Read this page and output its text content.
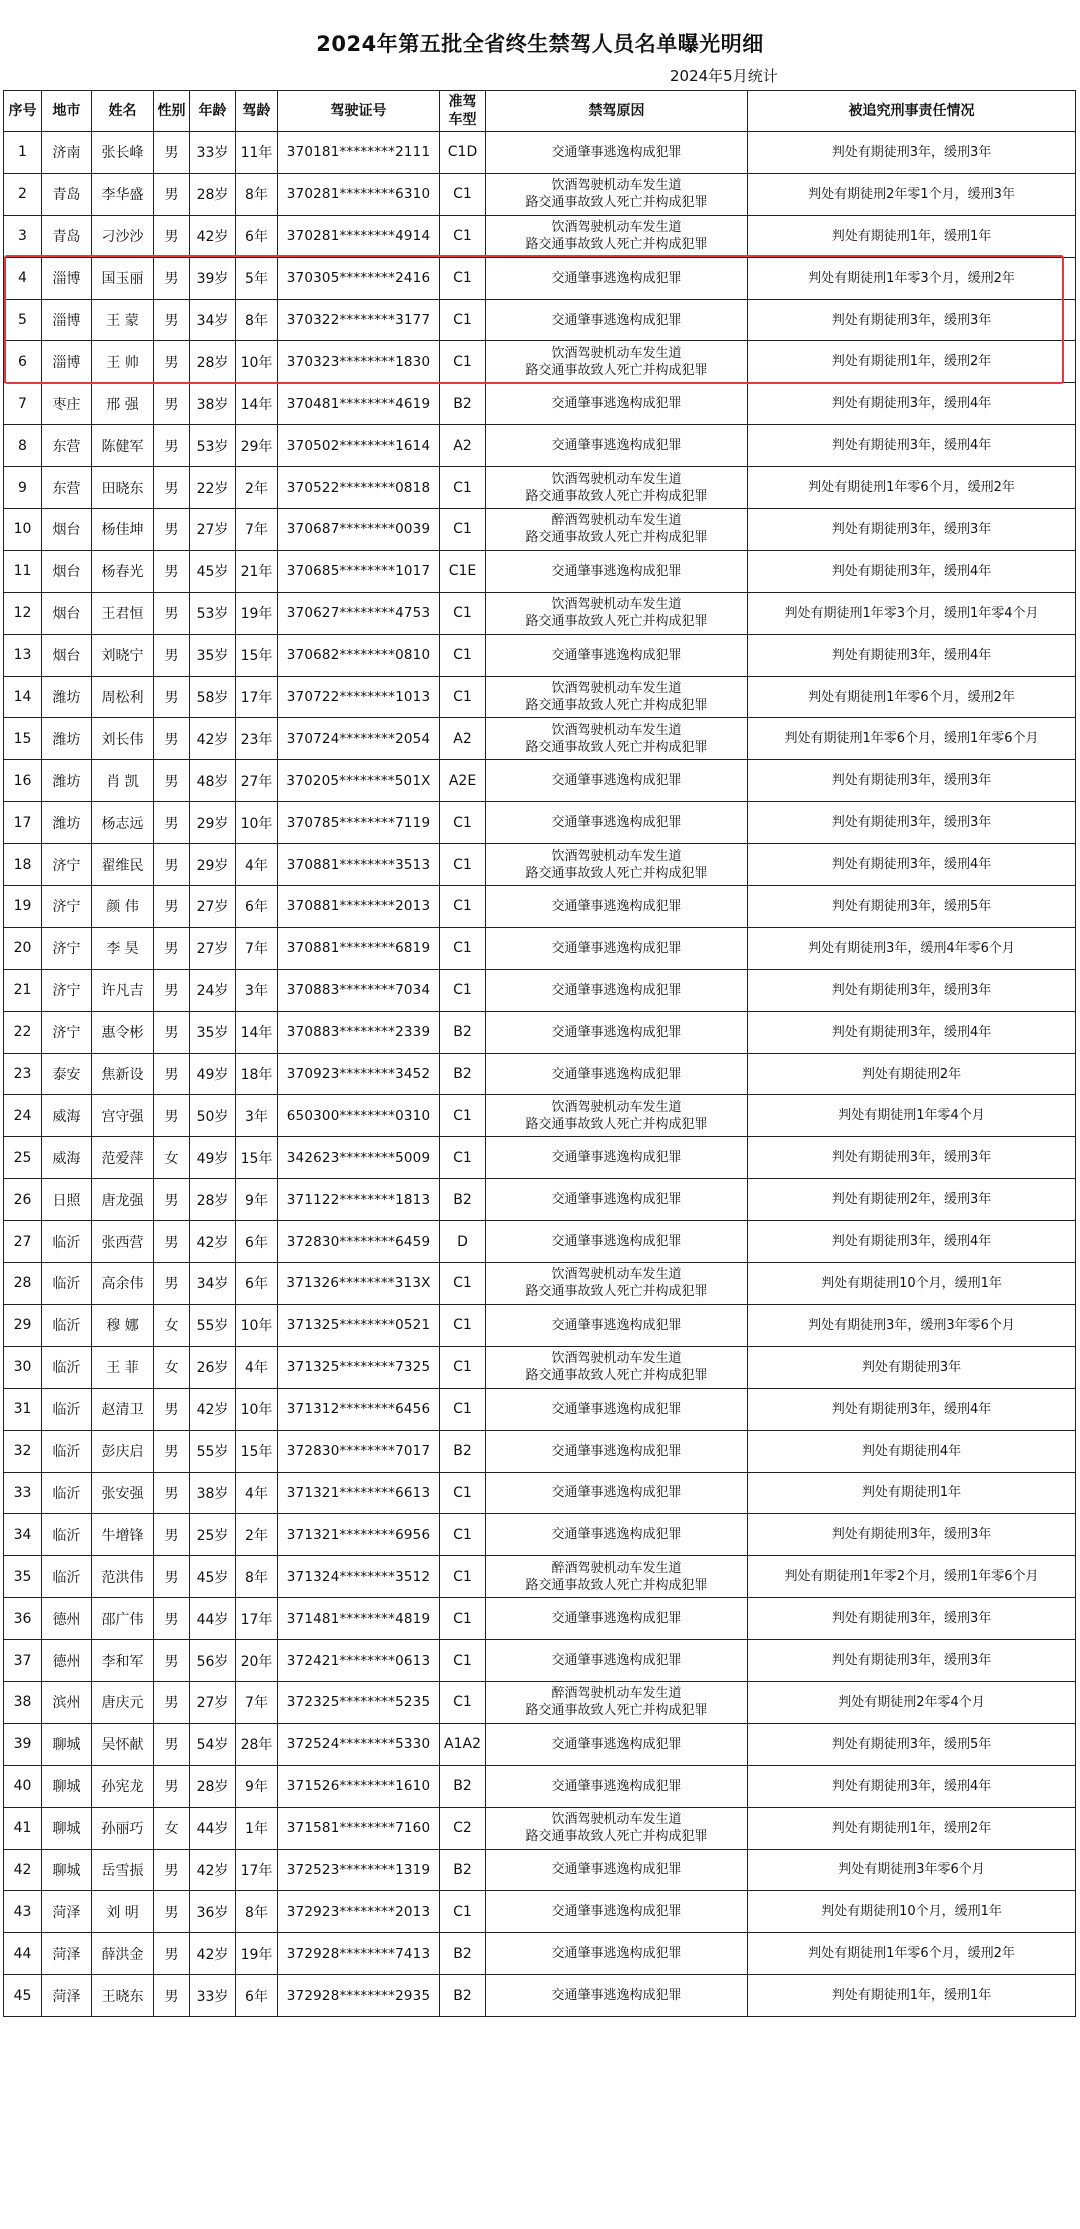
2024年第五批全省终生禁驾人员名单曝光明细
2024年5月统计
序号	地市	姓名	性别	年龄	驾龄	驾驶证号	准驾
车型	禁驾原因	被追究刑事责任情况
1	济南	张长峰	男	33岁	11年	370181********2111	C1D	交通肇事逃逸构成犯罪	判处有期徒刑3年，缓刑3年
2	青岛	李华盛	男	28岁	8年	370281********6310	C1	饮酒驾驶机动车发生道
路交通事故致人死亡并构成犯罪	判处有期徒刑2年零1个月，缓刑3年
3	青岛	刁沙沙	男	42岁	6年	370281********4914	C1	饮酒驾驶机动车发生道
路交通事故致人死亡并构成犯罪	判处有期徒刑1年，缓刑1年
4	淄博	国玉丽	男	39岁	5年	370305********2416	C1	交通肇事逃逸构成犯罪	判处有期徒刑1年零3个月，缓刑2年
5	淄博	王 蒙	男	34岁	8年	370322********3177	C1	交通肇事逃逸构成犯罪	判处有期徒刑3年，缓刑3年
6	淄博	王 帅	男	28岁	10年	370323********1830	C1	饮酒驾驶机动车发生道
路交通事故致人死亡并构成犯罪	判处有期徒刑1年，缓刑2年
7	枣庄	邢 强	男	38岁	14年	370481********4619	B2	交通肇事逃逸构成犯罪	判处有期徒刑3年，缓刑4年
8	东营	陈健军	男	53岁	29年	370502********1614	A2	交通肇事逃逸构成犯罪	判处有期徒刑3年，缓刑4年
9	东营	田晓东	男	22岁	2年	370522********0818	C1	饮酒驾驶机动车发生道
路交通事故致人死亡并构成犯罪	判处有期徒刑1年零6个月，缓刑2年
10	烟台	杨佳坤	男	27岁	7年	370687********0039	C1	醉酒驾驶机动车发生道
路交通事故致人死亡并构成犯罪	判处有期徒刑3年，缓刑3年
11	烟台	杨春光	男	45岁	21年	370685********1017	C1E	交通肇事逃逸构成犯罪	判处有期徒刑3年，缓刑4年
12	烟台	王君恒	男	53岁	19年	370627********4753	C1	饮酒驾驶机动车发生道
路交通事故致人死亡并构成犯罪	判处有期徒刑1年零3个月，缓刑1年零4个月
13	烟台	刘晓宁	男	35岁	15年	370682********0810	C1	交通肇事逃逸构成犯罪	判处有期徒刑3年，缓刑4年
14	潍坊	周松利	男	58岁	17年	370722********1013	C1	饮酒驾驶机动车发生道
路交通事故致人死亡并构成犯罪	判处有期徒刑1年零6个月，缓刑2年
15	潍坊	刘长伟	男	42岁	23年	370724********2054	A2	饮酒驾驶机动车发生道
路交通事故致人死亡并构成犯罪	判处有期徒刑1年零6个月，缓刑1年零6个月
16	潍坊	肖 凯	男	48岁	27年	370205********501X	A2E	交通肇事逃逸构成犯罪	判处有期徒刑3年，缓刑3年
17	潍坊	杨志远	男	29岁	10年	370785********7119	C1	交通肇事逃逸构成犯罪	判处有期徒刑3年，缓刑3年
18	济宁	翟维民	男	29岁	4年	370881********3513	C1	饮酒驾驶机动车发生道
路交通事故致人死亡并构成犯罪	判处有期徒刑3年，缓刑4年
19	济宁	颜 伟	男	27岁	6年	370881********2013	C1	交通肇事逃逸构成犯罪	判处有期徒刑3年，缓刑5年
20	济宁	李 昊	男	27岁	7年	370881********6819	C1	交通肇事逃逸构成犯罪	判处有期徒刑3年，缓刑4年零6个月
21	济宁	许凡吉	男	24岁	3年	370883********7034	C1	交通肇事逃逸构成犯罪	判处有期徒刑3年，缓刑3年
22	济宁	惠令彬	男	35岁	14年	370883********2339	B2	交通肇事逃逸构成犯罪	判处有期徒刑3年，缓刑4年
23	泰安	焦新设	男	49岁	18年	370923********3452	B2	交通肇事逃逸构成犯罪	判处有期徒刑2年
24	威海	宫守强	男	50岁	3年	650300********0310	C1	饮酒驾驶机动车发生道
路交通事故致人死亡并构成犯罪	判处有期徒刑1年零4个月
25	威海	范爱萍	女	49岁	15年	342623********5009	C1	交通肇事逃逸构成犯罪	判处有期徒刑3年，缓刑3年
26	日照	唐龙强	男	28岁	9年	371122********1813	B2	交通肇事逃逸构成犯罪	判处有期徒刑2年，缓刑3年
27	临沂	张西营	男	42岁	6年	372830********6459	D	交通肇事逃逸构成犯罪	判处有期徒刑3年，缓刑4年
28	临沂	高余伟	男	34岁	6年	371326********313X	C1	饮酒驾驶机动车发生道
路交通事故致人死亡并构成犯罪	判处有期徒刑10个月，缓刑1年
29	临沂	穆 娜	女	55岁	10年	371325********0521	C1	交通肇事逃逸构成犯罪	判处有期徒刑3年，缓刑3年零6个月
30	临沂	王 菲	女	26岁	4年	371325********7325	C1	饮酒驾驶机动车发生道
路交通事故致人死亡并构成犯罪	判处有期徒刑3年
31	临沂	赵清卫	男	42岁	10年	371312********6456	C1	交通肇事逃逸构成犯罪	判处有期徒刑3年，缓刑4年
32	临沂	彭庆启	男	55岁	15年	372830********7017	B2	交通肇事逃逸构成犯罪	判处有期徒刑4年
33	临沂	张安强	男	38岁	4年	371321********6613	C1	交通肇事逃逸构成犯罪	判处有期徒刑1年
34	临沂	牛增锋	男	25岁	2年	371321********6956	C1	交通肇事逃逸构成犯罪	判处有期徒刑3年，缓刑3年
35	临沂	范洪伟	男	45岁	8年	371324********3512	C1	醉酒驾驶机动车发生道
路交通事故致人死亡并构成犯罪	判处有期徒刑1年零2个月，缓刑1年零6个月
36	德州	邵广伟	男	44岁	17年	371481********4819	C1	交通肇事逃逸构成犯罪	判处有期徒刑3年，缓刑3年
37	德州	李和军	男	56岁	20年	372421********0613	C1	交通肇事逃逸构成犯罪	判处有期徒刑3年，缓刑3年
38	滨州	唐庆元	男	27岁	7年	372325********5235	C1	醉酒驾驶机动车发生道
路交通事故致人死亡并构成犯罪	判处有期徒刑2年零4个月
39	聊城	吴怀献	男	54岁	28年	372524********5330	A1A2	交通肇事逃逸构成犯罪	判处有期徒刑3年，缓刑5年
40	聊城	孙宪龙	男	28岁	9年	371526********1610	B2	交通肇事逃逸构成犯罪	判处有期徒刑3年，缓刑4年
41	聊城	孙丽巧	女	44岁	1年	371581********7160	C2	饮酒驾驶机动车发生道
路交通事故致人死亡并构成犯罪	判处有期徒刑1年，缓刑2年
42	聊城	岳雪振	男	42岁	17年	372523********1319	B2	交通肇事逃逸构成犯罪	判处有期徒刑3年零6个月
43	菏泽	刘 明	男	36岁	8年	372923********2013	C1	交通肇事逃逸构成犯罪	判处有期徒刑10个月，缓刑1年
44	菏泽	薛洪金	男	42岁	19年	372928********7413	B2	交通肇事逃逸构成犯罪	判处有期徒刑1年零6个月，缓刑2年
45	菏泽	王晓东	男	33岁	6年	372928********2935	B2	交通肇事逃逸构成犯罪	判处有期徒刑1年，缓刑1年
